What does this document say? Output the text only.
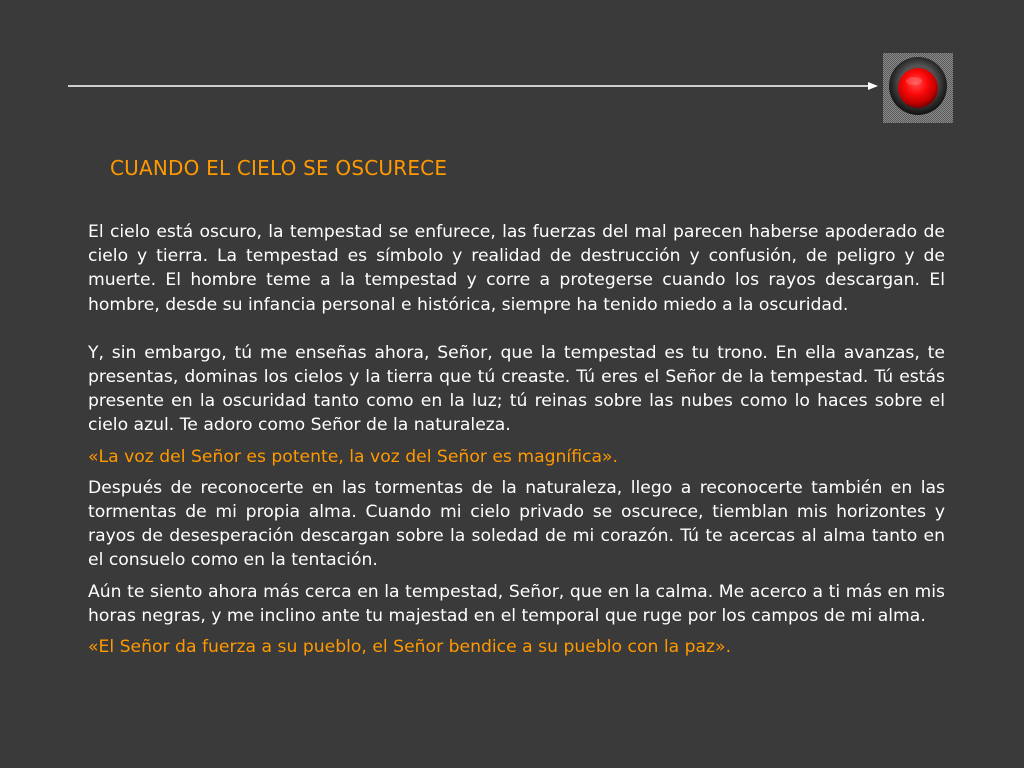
CUANDO EL CIELO SE OSCURECE

El cielo está oscuro, la tempestad se enfurece, las fuerzas del mal parecen haberse apoderado de cielo y tierra. La tempestad es símbolo y realidad de destrucción y confusión, de peligro y de muerte. El hombre teme a la tempestad y corre a protegerse cuando los rayos descargan. El hombre, desde su infancia personal e histórica, siempre ha tenido miedo a la oscuridad.

Y, sin embargo, tú me enseñas ahora, Señor, que la tempestad es tu trono. En ella avanzas, te presentas, dominas los cielos y la tierra que tú creaste. Tú eres el Señor de la tempestad. Tú estás presente en la oscuridad tanto como en la luz; tú reinas sobre las nubes como lo haces sobre el cielo azul. Te adoro como Señor de la naturaleza.

«La voz del Señor es potente, la voz del Señor es magnífica».

Después de reconocerte en las tormentas de la naturaleza, llego a reconocerte también en las tormentas de mi propia alma. Cuando mi cielo privado se oscurece, tiemblan mis horizontes y rayos de desesperación descargan sobre la soledad de mi corazón. Tú te acercas al alma tanto en el consuelo como en la tentación.

Aún te siento ahora más cerca en la tempestad, Señor, que en la calma. Me acerco a ti más en mis horas negras, y me inclino ante tu majestad en el temporal que ruge por los campos de mi alma.

«El Señor da fuerza a su pueblo, el Señor bendice a su pueblo con la paz».
